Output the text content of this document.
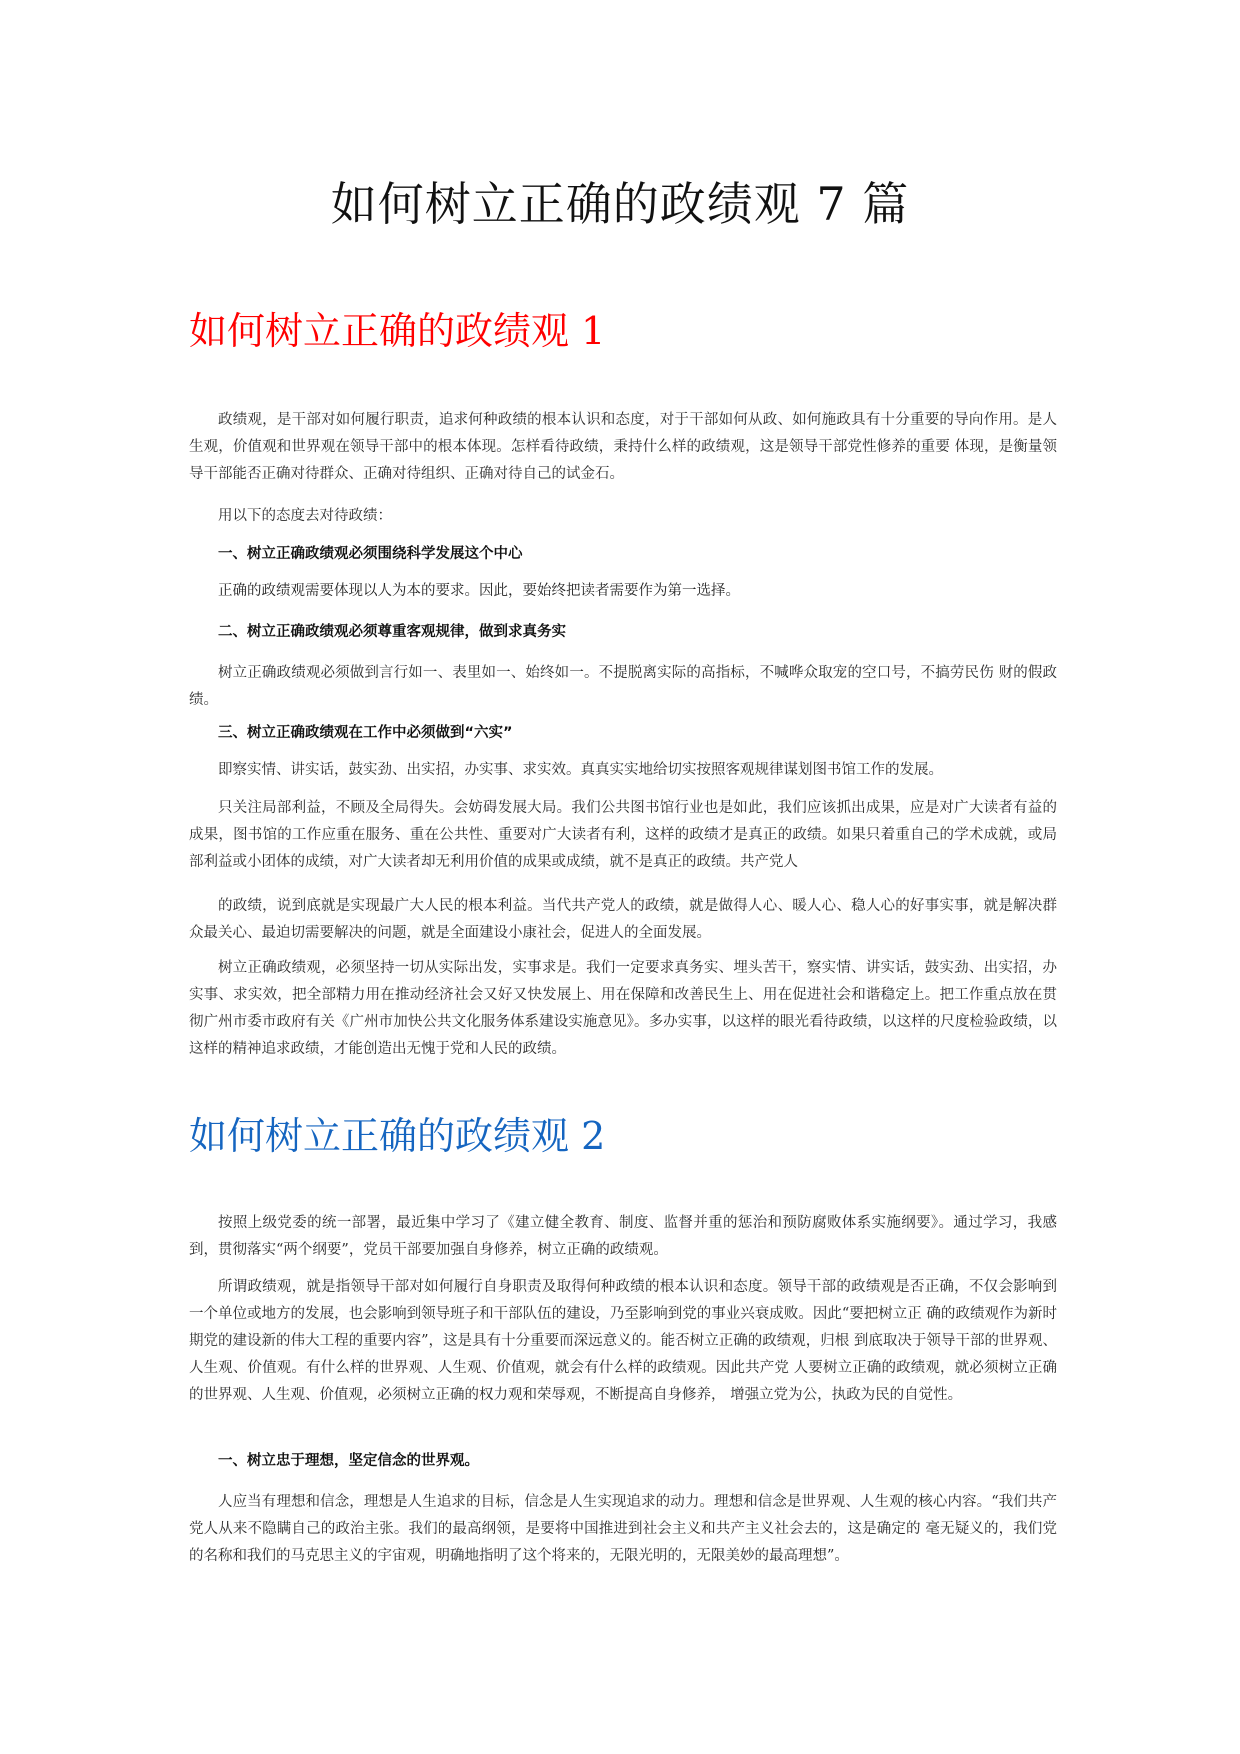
如何树立正确的政绩观 7 篇
如何树立正确的政绩观 1

政绩观，是干部对如何履行职责，追求何种政绩的根本认识和态度，对于干部如何从政、如何施政具有十分重要的导向作用。是人生观，价值观和世界观在领导干部中的根本体现。怎样看待政绩，秉持什么样的政绩观，这是领导干部党性修养的重要 体现，是衡量领导干部能否正确对待群众、正确对待组织、正确对待自己的试金石。

用以下的态度去对待政绩：

一、树立正确政绩观必须围绕科学发展这个中心

正确的政绩观需要体现以人为本的要求。因此，要始终把读者需要作为第一选择。

二、树立正确政绩观必须尊重客观规律，做到求真务实

树立正确政绩观必须做到言行如一、表里如一、始终如一。不提脱离实际的高指标，不喊哗众取宠的空口号，不搞劳民伤 财的假政绩。

三、树立正确政绩观在工作中必须做到“六实”

即察实情、讲实话，鼓实劲、出实招，办实事、求实效。真真实实地给切实按照客观规律谋划图书馆工作的发展。

只关注局部利益，不顾及全局得失。会妨碍发展大局。我们公共图书馆行业也是如此，我们应该抓出成果，应是对广大读者有益的成果，图书馆的工作应重在服务、重在公共性、重要对广大读者有利，这样的政绩才是真正的政绩。如果只着重自己的学术成就，或局部利益或小团体的成绩，对广大读者却无利用价值的成果或成绩，就不是真正的政绩。共产党人

的政绩，说到底就是实现最广大人民的根本利益。当代共产党人的政绩，就是做得人心、暖人心、稳人心的好事实事，就是解决群众最关心、最迫切需要解决的问题，就是全面建设小康社会，促进人的全面发展。

树立正确政绩观，必须坚持一切从实际出发，实事求是。我们一定要求真务实、埋头苦干，察实情、讲实话，鼓实劲、出实招，办实事、求实效，把全部精力用在推动经济社会又好又快发展上、用在保障和改善民生上、用在促进社会和谐稳定上。把工作重点放在贯彻广州市委市政府有关《广州市加快公共文化服务体系建设实施意见》。多办实事，以这样的眼光看待政绩，以这样的尺度检验政绩，以这样的精神追求政绩，才能创造出无愧于党和人民的政绩。

如何树立正确的政绩观 2

按照上级党委的统一部署，最近集中学习了《建立健全教育、制度、监督并重的惩治和预防腐败体系实施纲要》。通过学习，我感到，贯彻落实“两个纲要”，党员干部要加强自身修养，树立正确的政绩观。

所谓政绩观，就是指领导干部对如何履行自身职责及取得何种政绩的根本认识和态度。领导干部的政绩观是否正确，不仅会影响到一个单位或地方的发展，也会影响到领导班子和干部队伍的建设，乃至影响到党的事业兴衰成败。因此“要把树立正 确的政绩观作为新时期党的建设新的伟大工程的重要内容”，这是具有十分重要而深远意义的。能否树立正确的政绩观，归根 到底取决于领导干部的世界观、人生观、价值观。有什么样的世界观、人生观、价值观，就会有什么样的政绩观。因此共产党 人要树立正确的政绩观，就必须树立正确的世界观、人生观、价值观，必须树立正确的权力观和荣辱观，不断提高自身修养， 增强立党为公，执政为民的自觉性。

一、树立忠于理想，坚定信念的世界观。

人应当有理想和信念，理想是人生追求的目标，信念是人生实现追求的动力。理想和信念是世界观、人生观的核心内容。“我们共产党人从来不隐瞒自己的政治主张。我们的最高纲领，是要将中国推进到社会主义和共产主义社会去的，这是确定的 毫无疑义的，我们党的名称和我们的马克思主义的宇宙观，明确地指明了这个将来的，无限光明的，无限美妙的最高理想”。
